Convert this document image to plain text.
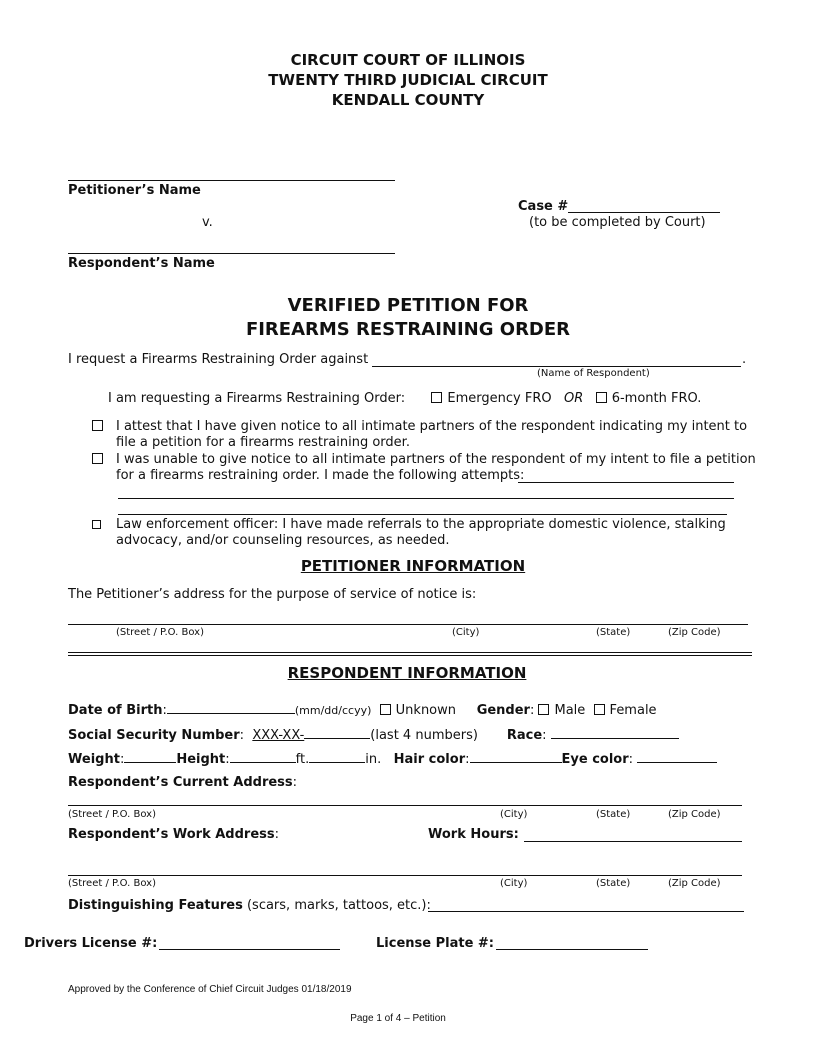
CIRCUIT COURT OF ILLINOIS
TWENTY THIRD JUDICIAL CIRCUIT
KENDALL COUNTY
Petitioner’s Name
v.
Respondent’s Name
Case #
(to be completed by Court)
VERIFIED PETITION FOR
FIREARMS RESTRAINING ORDER
I request a Firearms Restraining Order against	.
(Name of Respondent)
I am requesting a Firearms Restraining Order:	Emergency FRO OR 6-month FRO.
I attest that I have given notice to all intimate partners of the respondent indicating my intent to
file a petition for a firearms restraining order.
I was unable to give notice to all intimate partners of the respondent of my intent to file a petition
for a firearms restraining order. I made the following attempts:
Law enforcement officer: I have made referrals to the appropriate domestic violence, stalking
advocacy, and/or counseling resources, as needed.
PETITIONER INFORMATION
The Petitioner’s address for the purpose of service of notice is:
(Street / P.O. Box)	(City)	(State)	(Zip Code)
RESPONDENT INFORMATION
Date of Birth:	(mm/dd/ccyy) Unknown Gender: Male Female
Social Security Number:  XXX-XX-	(last 4 numbers) Race:
Weight:	Height:	ft.	in. Hair color:	Eye color:
Respondent’s Current Address:
(Street / P.O. Box)	(City)	(State)	(Zip Code)
Respondent’s Work Address:	Work Hours:
(Street / P.O. Box)	(City)	(State)	(Zip Code)
Distinguishing Features (scars, marks, tattoos, etc.):
Drivers License #:	License Plate #:
Approved by the Conference of Chief Circuit Judges 01/18/2019
Page 1 of 4 – Petition
